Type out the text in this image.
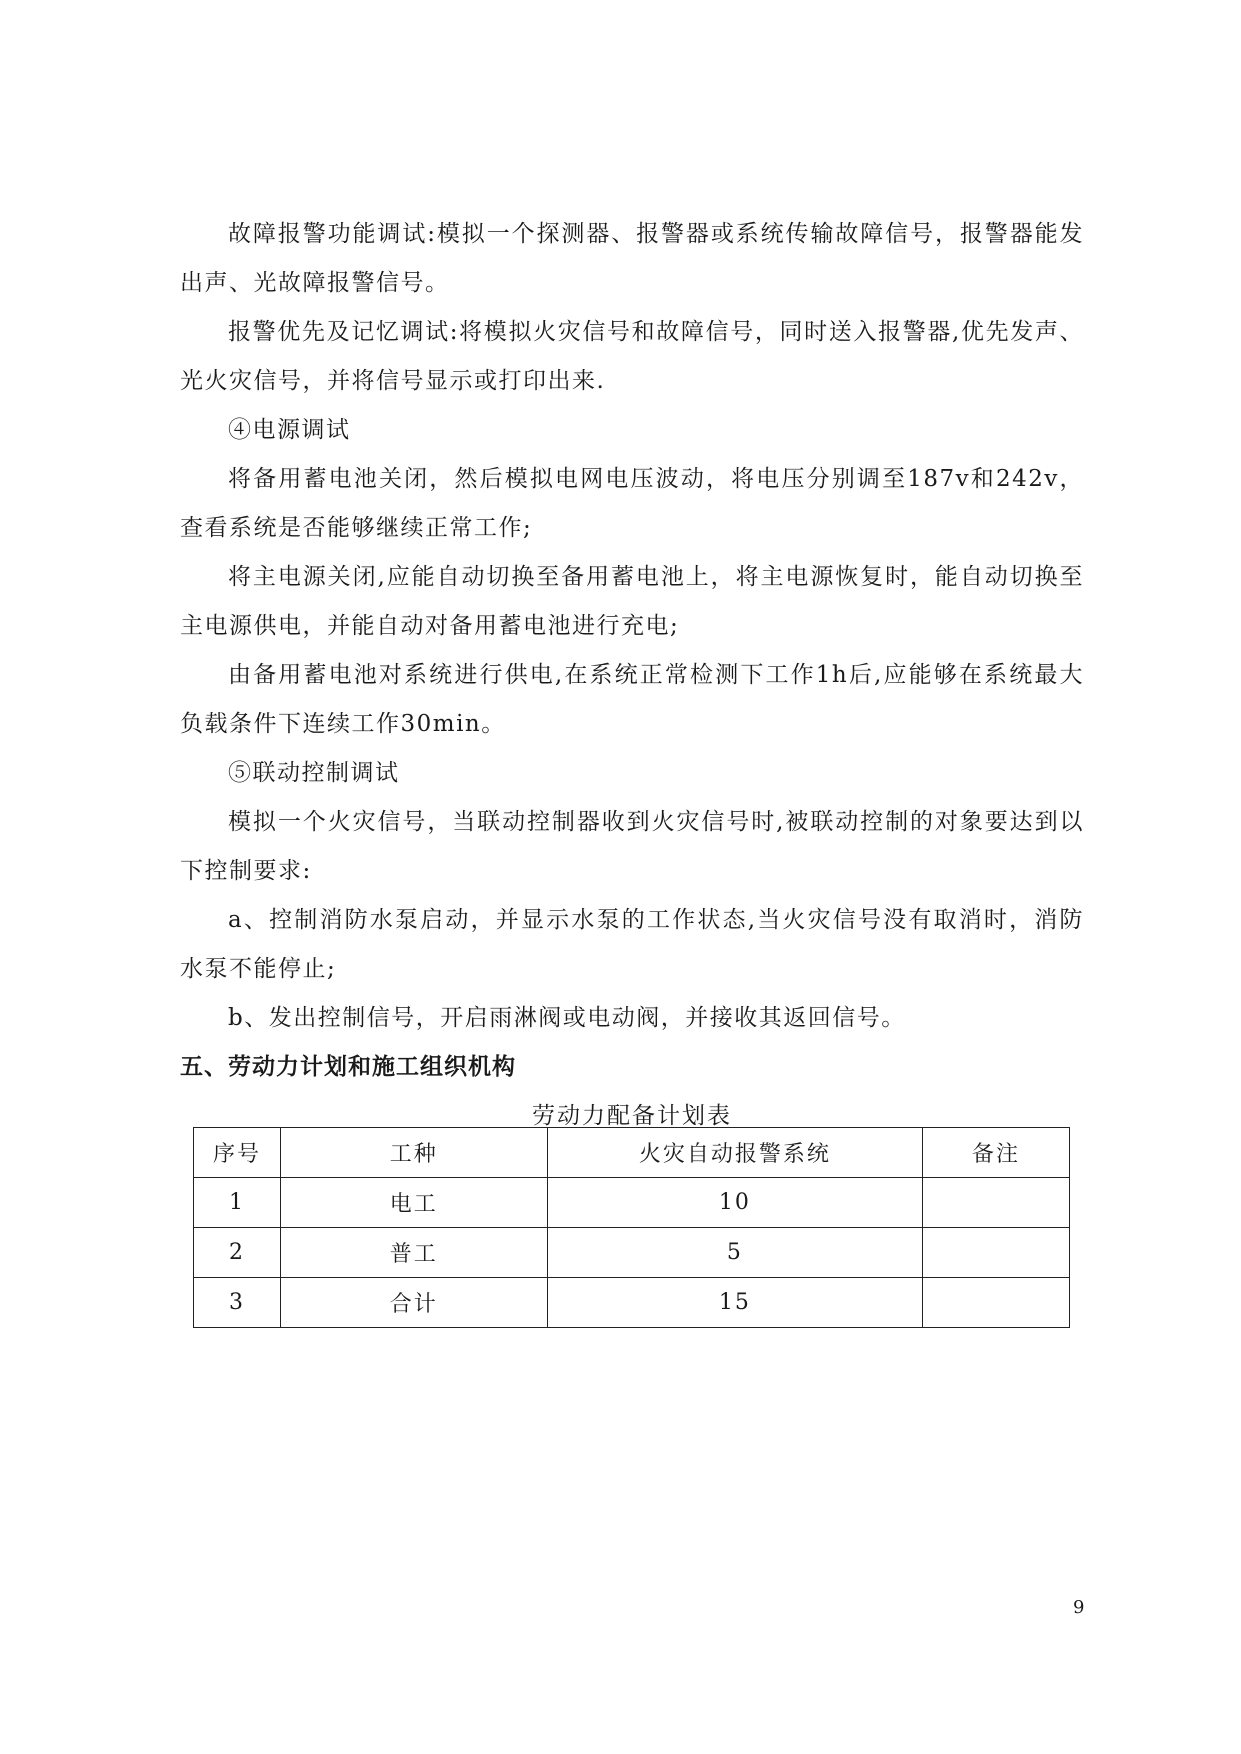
故障报警功能调试:模拟一个探测器、报警器或系统传输故障信号，报警器能发出声、光故障报警信号。

报警优先及记忆调试:将模拟火灾信号和故障信号，同时送入报警器,优先发声、光火灾信号，并将信号显示或打印出来.

④电源调试

将备用蓄电池关闭，然后模拟电网电压波动，将电压分别调至187v和242v，查看系统是否能够继续正常工作;

将主电源关闭,应能自动切换至备用蓄电池上，将主电源恢复时，能自动切换至主电源供电，并能自动对备用蓄电池进行充电;

由备用蓄电池对系统进行供电,在系统正常检测下工作1h后,应能够在系统最大负载条件下连续工作30min。

⑤联动控制调试

模拟一个火灾信号，当联动控制器收到火灾信号时,被联动控制的对象要达到以下控制要求:

a、控制消防水泵启动，并显示水泵的工作状态,当火灾信号没有取消时，消防水泵不能停止;

b、发出控制信号，开启雨淋阀或电动阀，并接收其返回信号。

五、劳动力计划和施工组织机构

劳动力配备计划表

序号	工种	火灾自动报警系统	备注
1	电工	10	
2	普工	5	
3	合计	15	
9
